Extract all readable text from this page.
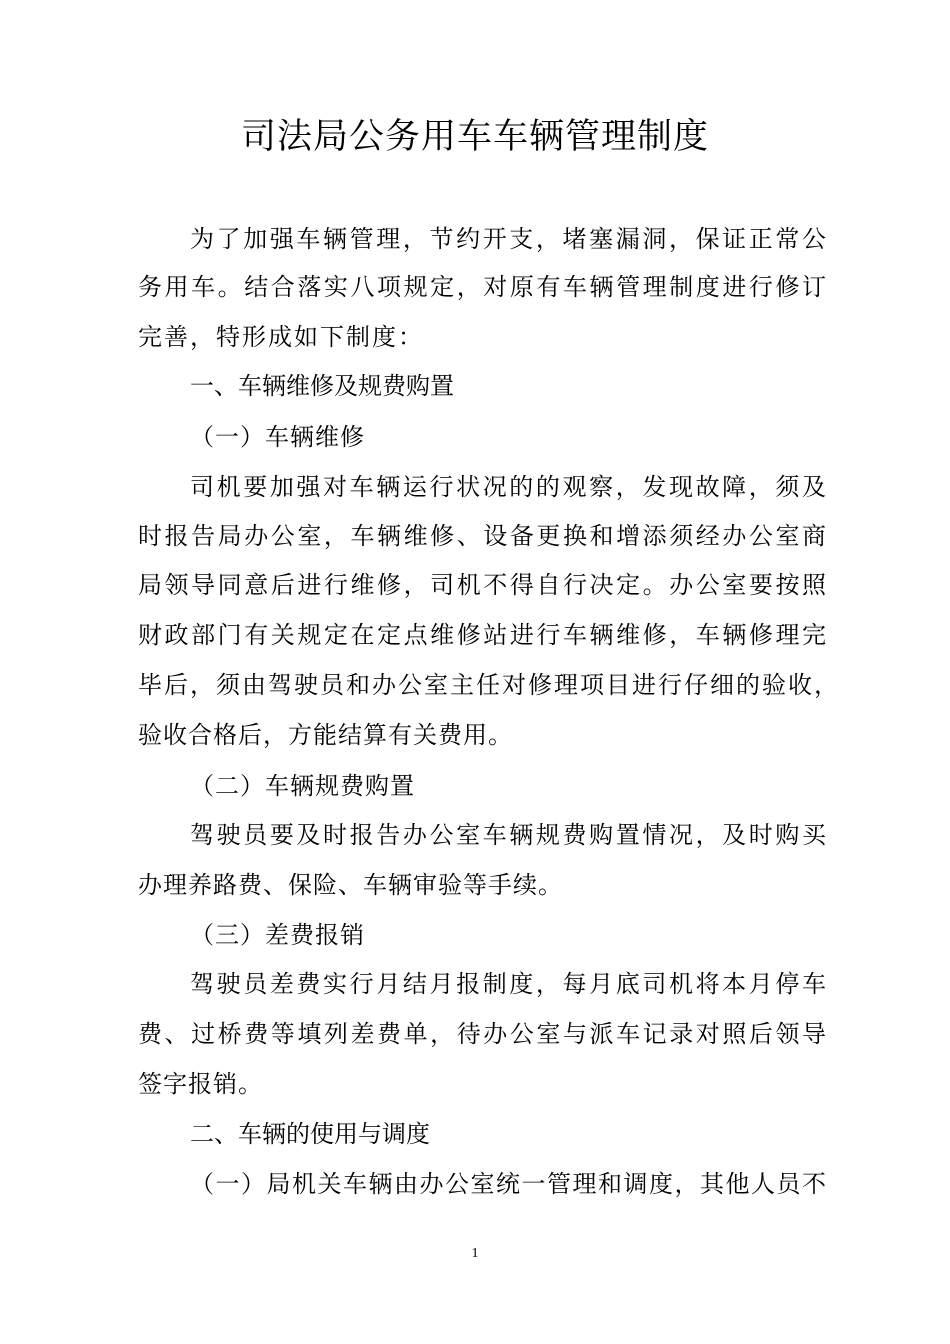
司法局公务用车车辆管理制度
为了加强车辆管理，节约开支，堵塞漏洞，保证正常公
务用车。结合落实八项规定，对原有车辆管理制度进行修订
完善，特形成如下制度：
一、车辆维修及规费购置
（一）车辆维修
司机要加强对车辆运行状况的的观察，发现故障，须及
时报告局办公室，车辆维修、设备更换和增添须经办公室商
局领导同意后进行维修，司机不得自行决定。办公室要按照
财政部门有关规定在定点维修站进行车辆维修，车辆修理完
毕后，须由驾驶员和办公室主任对修理项目进行仔细的验收，
验收合格后，方能结算有关费用。
（二）车辆规费购置
驾驶员要及时报告办公室车辆规费购置情况，及时购买
办理养路费、保险、车辆审验等手续。
（三）差费报销
驾驶员差费实行月结月报制度，每月底司机将本月停车
费、过桥费等填列差费单，待办公室与派车记录对照后领导
签字报销。
二、车辆的使用与调度
（一）局机关车辆由办公室统一管理和调度，其他人员不
1
